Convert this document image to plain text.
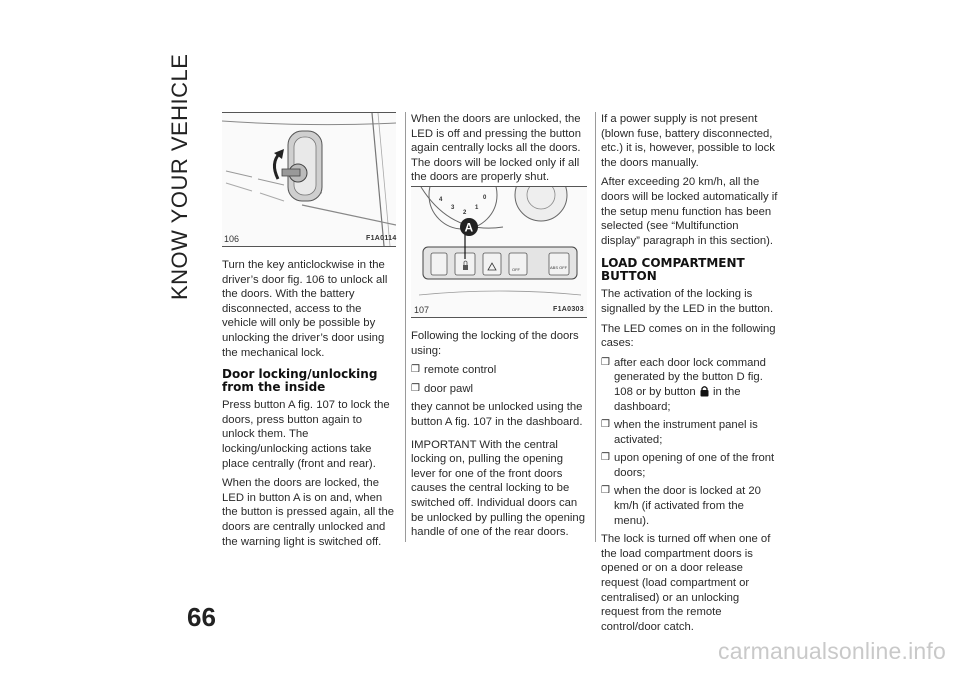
KNOW YOUR VEHICLE	106	F1A0114

Turn the key anticlockwise in the driver’s door fig. 106 to unlock all the doors. With the battery disconnected, access to the vehicle will only be possible by unlocking the driver’s door using the mechanical lock.

Door locking/unlocking from the inside

Press button A fig. 107 to lock the doors, press button again to unlock them. The locking/unlocking actions take place centrally (front and rear).

When the doors are locked, the LED in button A is on and, when the button is pressed again, all the doors are centrally unlocked and the warning light is switched off.

When the doors are unlocked, the LED is off and pressing the button again centrally locks all the doors. The doors will be locked only if all the doors are properly shut.

4
3
2
1
0
OFF	ABS OFF
A
107	F1A0303

Following the locking of the doors using:

❒ remote control
❒ door pawl

they cannot be unlocked using the button A fig. 107 in the dashboard.

IMPORTANT With the central locking on, pulling the opening lever for one of the front doors causes the central locking to be switched off. Individual doors can be unlocked by pulling the opening handle of one of the rear doors.

If a power supply is not present (blown fuse, battery disconnected, etc.) it is, however, possible to lock the doors manually.

After exceeding 20 km/h, all the doors will be locked automatically if the setup menu function has been selected (see “Multifunction display” paragraph in this section).

LOAD COMPARTMENT BUTTON

The activation of the locking is signalled by the LED in the button.

The LED comes on in the following cases:

❒ after each door lock command generated by the button D fig. 108 or by button in the dashboard;
❒ when the instrument panel is activated;
❒ upon opening of one of the front doors;
❒ when the door is locked at 20 km/h (if activated from the menu).

The lock is turned off when one of the load compartment doors is opened or on a door release request (load compartment or centralised) or an unlocking request from the remote control/door catch.

66
carmanualsonline.info
